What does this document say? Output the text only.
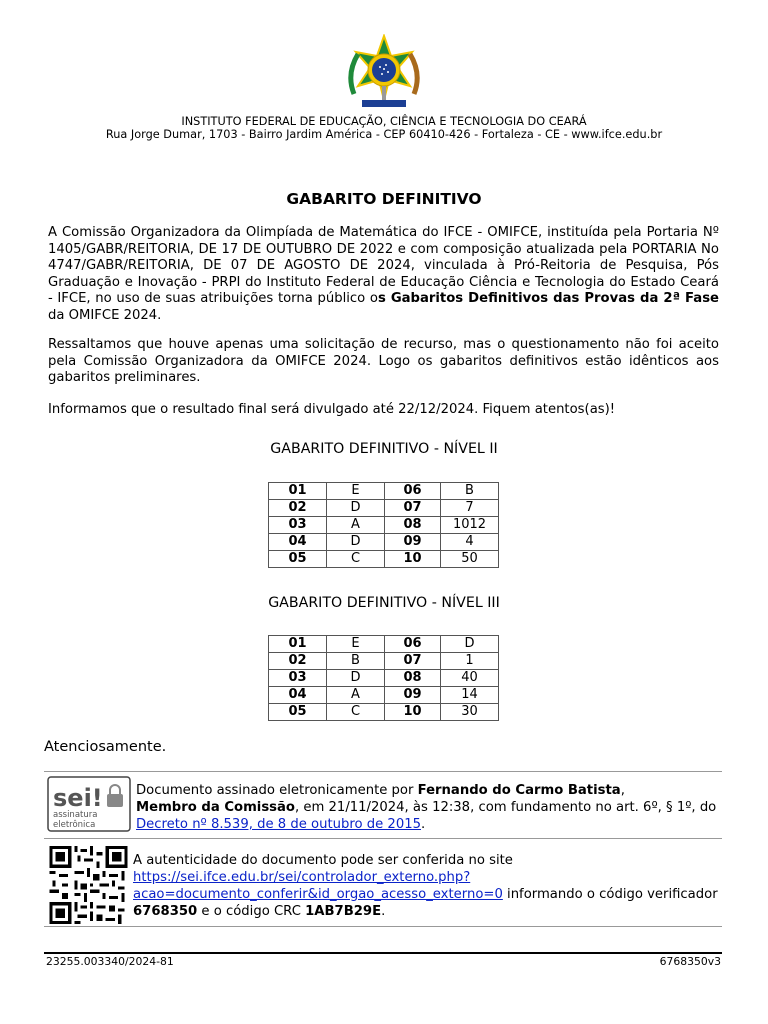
INSTITUTO FEDERAL DE EDUCAÇÃO, CIÊNCIA E TECNOLOGIA DO CEARÁ
Rua Jorge Dumar, 1703 - Bairro Jardim América - CEP 60410-426 - Fortaleza - CE - www.ifce.edu.br
GABARITO DEFINITIVO
A Comissão Organizadora da Olimpíada de Matemática do IFCE - OMIFCE, instituída pela Portaria Nº 1405/GABR/REITORIA, DE 17 DE OUTUBRO DE 2022 e com composição atualizada pela PORTARIA No 4747/GABR/REITORIA, DE 07 DE AGOSTO DE 2024, vinculada à Pró-Reitoria de Pesquisa, Pós Graduação e Inovação - PRPI do Instituto Federal de Educação Ciência e Tecnologia do Estado Ceará - IFCE, no uso de suas atribuições torna público os Gabaritos Definitivos das Provas da 2ª Fase da OMIFCE 2024.
Ressaltamos que houve apenas uma solicitação de recurso, mas o questionamento não foi aceito pela Comissão Organizadora da OMIFCE 2024. Logo os gabaritos definitivos estão idênticos aos gabaritos preliminares.
Informamos que o resultado final será divulgado até 22/12/2024. Fiquem atentos(as)!
GABARITO DEFINITIVO - NÍVEL II
01	E	06	B
02	D	07	7
03	A	08	1012
04	D	09	4
05	C	10	50
GABARITO DEFINITIVO - NÍVEL III
01	E	06	D
02	B	07	1
03	D	08	40
04	A	09	14
05	C	10	30
Atenciosamente.
sei!
assinatura
eletrônica
Documento assinado eletronicamente por Fernando do Carmo Batista,
Membro da Comissão, em 21/11/2024, às 12:38, com fundamento no art. 6º, § 1º, do Decreto nº 8.539, de 8 de outubro de 2015.
A autenticidade do documento pode ser conferida no site
https://sei.ifce.edu.br/sei/controlador_externo.php?
acao=documento_conferir&id_orgao_acesso_externo=0 informando o código verificador 6768350 e o código CRC 1AB7B29E.
23255.003340/2024-81	6768350v3
